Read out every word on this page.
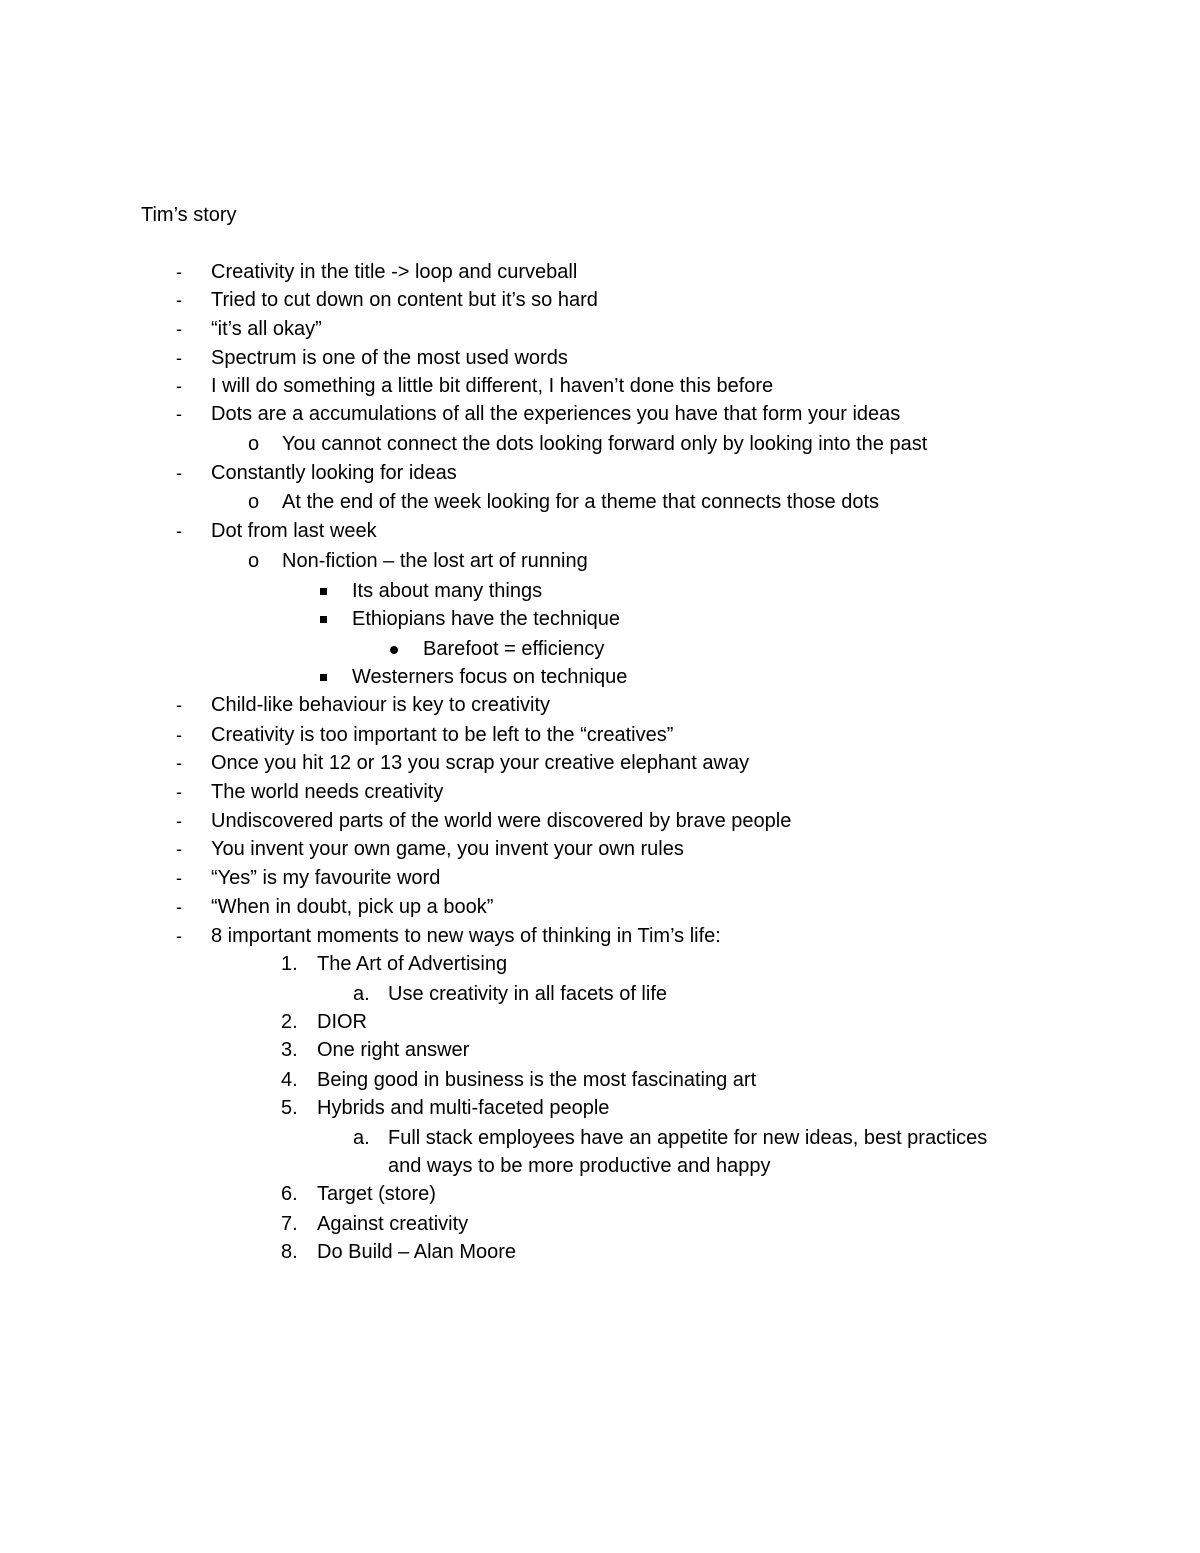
Tim’s story
- Creativity in the title -> loop and curveball
- Tried to cut down on content but it’s so hard
- “it’s all okay”
- Spectrum is one of the most used words
- I will do something a little bit different, I haven’t done this before
- Dots are a accumulations of all the experiences you have that form your ideas
o You cannot connect the dots looking forward only by looking into the past
- Constantly looking for ideas
o At the end of the week looking for a theme that connects those dots
- Dot from last week
o Non-fiction – the lost art of running
Its about many things
Ethiopians have the technique
Barefoot = efficiency
Westerners focus on technique
- Child-like behaviour is key to creativity
- Creativity is too important to be left to the “creatives”
- Once you hit 12 or 13 you scrap your creative elephant away
- The world needs creativity
- Undiscovered parts of the world were discovered by brave people
- You invent your own game, you invent your own rules
- “Yes” is my favourite word
- “When in doubt, pick up a book”
- 8 important moments to new ways of thinking in Tim’s life:
1. The Art of Advertising
a. Use creativity in all facets of life
2. DIOR
3. One right answer
4. Being good in business is the most fascinating art
5. Hybrids and multi-faceted people
a. Full stack employees have an appetite for new ideas, best practices
and ways to be more productive and happy
6. Target (store)
7. Against creativity
8. Do Build – Alan Moore
